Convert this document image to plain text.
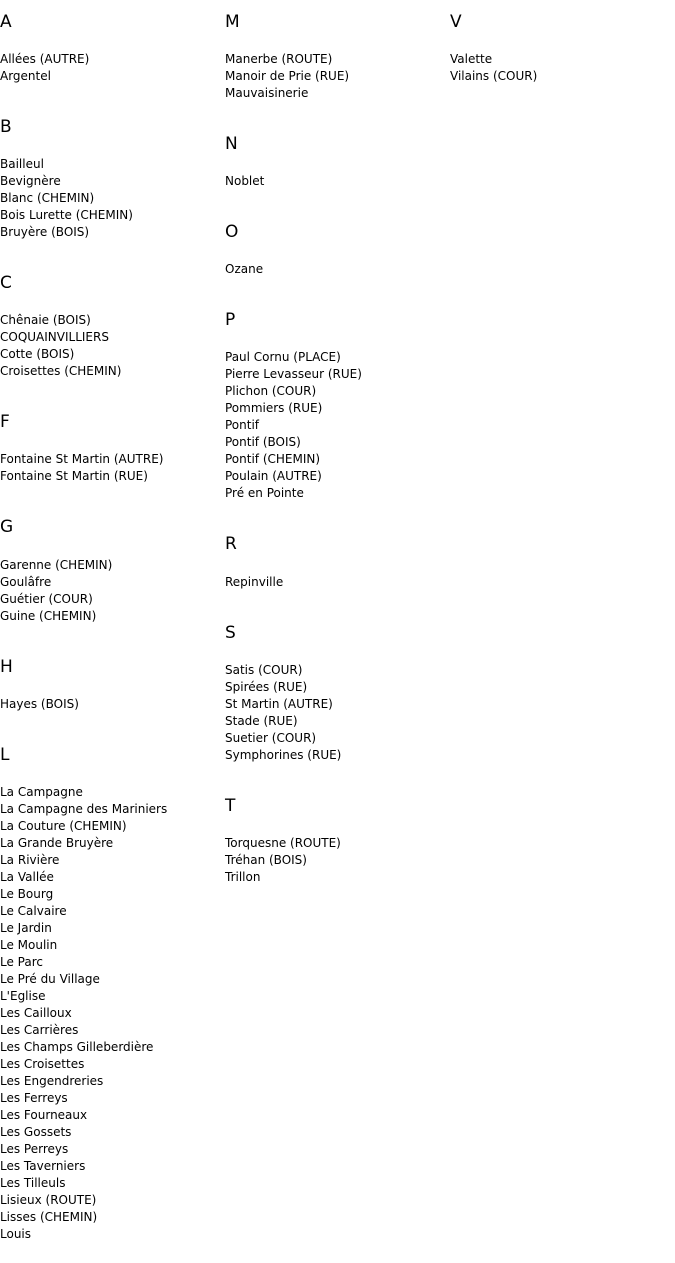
A
Allées (AUTRE)
Argentel
B
Bailleul
Bevignère
Blanc (CHEMIN)
Bois Lurette (CHEMIN)
Bruyère (BOIS)
C
Chênaie (BOIS)
COQUAINVILLIERS
Cotte (BOIS)
Croisettes (CHEMIN)
F
Fontaine St Martin (AUTRE)
Fontaine St Martin (RUE)
G
Garenne (CHEMIN)
Goulâfre
Guétier (COUR)
Guine (CHEMIN)
H
Hayes (BOIS)
L
La Campagne
La Campagne des Mariniers
La Couture (CHEMIN)
La Grande Bruyère
La Rivière
La Vallée
Le Bourg
Le Calvaire
Le Jardin
Le Moulin
Le Parc
Le Pré du Village
L'Eglise
Les Cailloux
Les Carrières
Les Champs Gilleberdière
Les Croisettes
Les Engendreries
Les Ferreys
Les Fourneaux
Les Gossets
Les Perreys
Les Taverniers
Les Tilleuls
Lisieux (ROUTE)
Lisses (CHEMIN)
Louis
M
Manerbe (ROUTE)
Manoir de Prie (RUE)
Mauvaisinerie
N
Noblet
O
Ozane
P
Paul Cornu (PLACE)
Pierre Levasseur (RUE)
Plichon (COUR)
Pommiers (RUE)
Pontif
Pontif (BOIS)
Pontif (CHEMIN)
Poulain (AUTRE)
Pré en Pointe
R
Repinville
S
Satis (COUR)
Spirées (RUE)
St Martin (AUTRE)
Stade (RUE)
Suetier (COUR)
Symphorines (RUE)
T
Torquesne (ROUTE)
Tréhan (BOIS)
Trillon
V
Valette
Vilains (COUR)
